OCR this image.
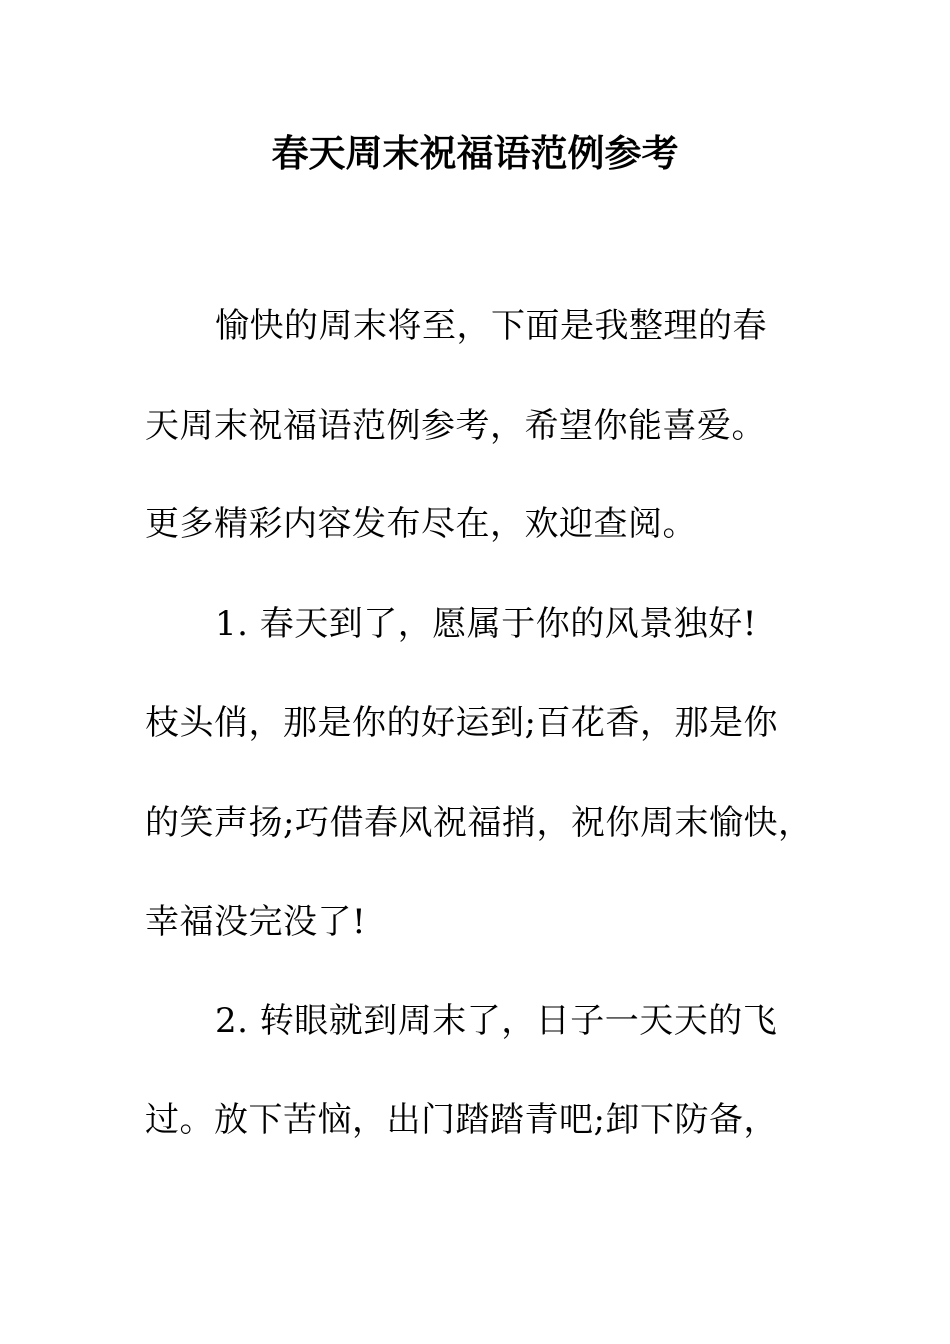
春天周末祝福语范例参考
愉快的周末将至，下面是我整理的春
天周末祝福语范例参考，希望你能喜爱。
更多精彩内容发布尽在，欢迎查阅。
1. 春天到了，愿属于你的风景独好!
枝头俏，那是你的好运到;百花香，那是你
的笑声扬;巧借春风祝福捎，祝你周末愉快，
幸福没完没了!
2. 转眼就到周末了，日子一天天的飞
过。放下苦恼，出门踏踏青吧;卸下防备，
